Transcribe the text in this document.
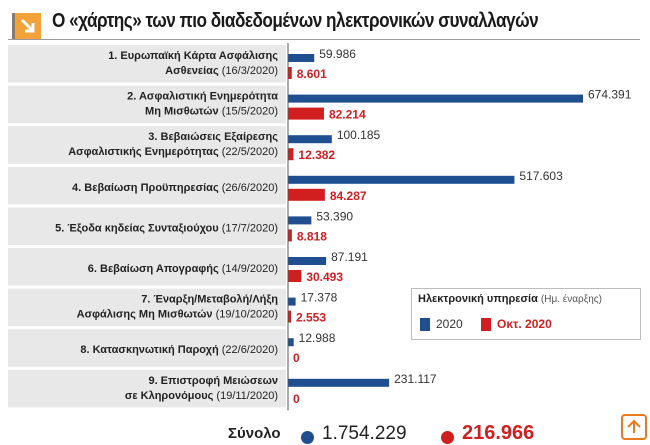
Ο «χάρτης» των πιο διαδεδομένων ηλεκτρονικών συναλλαγών
1. Ευρωπαϊκή Κάρτα Ασφάλισης Ασθενείας (16/3/2020)
59.986
8.601
2. Ασφαλιστική Ενημερότητα Μη Μισθωτών (15/5/2020)
674.391
82.214
3. Βεβαιώσεις Εξαίρεσης Ασφαλιστικής Ενημερότητας (22/5/2020)
100.185
12.382
4. Βεβαίωση Προϋπηρεσίας (26/6/2020)
517.603
84.287
5. Έξοδα κηδείας Συνταξιούχου (17/7/2020)
53.390
8.818
6. Βεβαίωση Απογραφής (14/9/2020)
87.191
30.493
7. Έναρξη/Μεταβολή/Λήξη Ασφάλισης Μη Μισθωτών (19/10/2020)
17.378
2.553
8. Κατασκηνωτική Παροχή (22/6/2020)
12.988
0
9. Επιστροφή Μειώσεων σε Κληρονόμους (19/11/2020)
231.117
0
Ηλεκτρονική υπηρεσία (Ημ. έναρξης)
2020	Οκτ. 2020
Σύνολο 1.754.229	216.966
